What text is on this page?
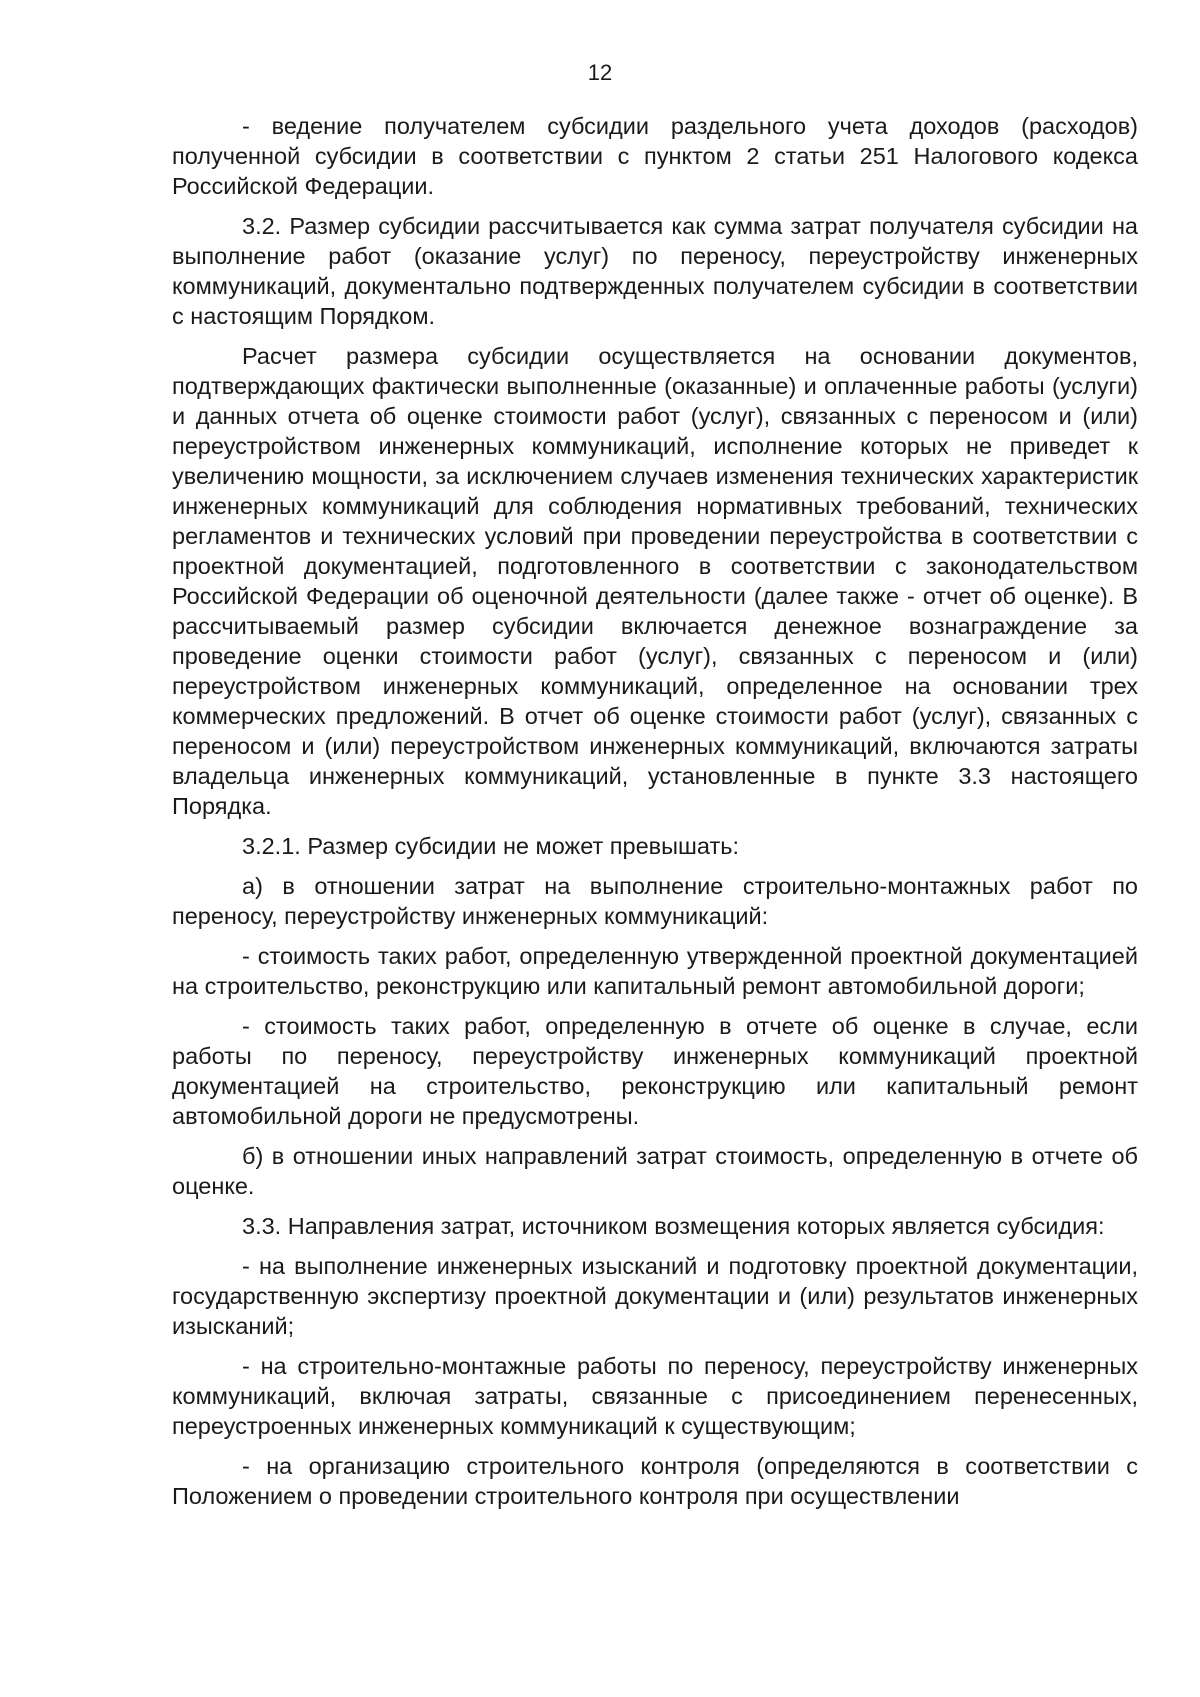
12

- ведение получателем субсидии раздельного учета доходов (расходов) полученной субсидии в соответствии с пунктом 2 статьи 251 Налогового кодекса Российской Федерации.

3.2. Размер субсидии рассчитывается как сумма затрат получателя субсидии на выполнение работ (оказание услуг) по переносу, переустройству инженерных коммуникаций, документально подтвержденных получателем субсидии в соответствии с настоящим Порядком.

Расчет размера субсидии осуществляется на основании документов, подтверждающих фактически выполненные (оказанные) и оплаченные работы (услуги) и данных отчета об оценке стоимости работ (услуг), связанных с переносом и (или) переустройством инженерных коммуникаций, исполнение которых не приведет к увеличению мощности, за исключением случаев изменения технических характеристик инженерных коммуникаций для соблюдения нормативных требований, технических регламентов и технических условий при проведении переустройства в соответствии с проектной документацией, подготовленного в соответствии с законодательством Российской Федерации об оценочной деятельности (далее также - отчет об оценке). В рассчитываемый размер субсидии включается денежное вознаграждение за проведение оценки стоимости работ (услуг), связанных с переносом и (или) переустройством инженерных коммуникаций, определенное на основании трех коммерческих предложений. В отчет об оценке стоимости работ (услуг), связанных с переносом и (или) переустройством инженерных коммуникаций, включаются затраты владельца инженерных коммуникаций, установленные в пункте 3.3 настоящего Порядка.

3.2.1. Размер субсидии не может превышать:

а) в отношении затрат на выполнение строительно-монтажных работ по переносу, переустройству инженерных коммуникаций:

- стоимость таких работ, определенную утвержденной проектной документацией на строительство, реконструкцию или капитальный ремонт автомобильной дороги;

- стоимость таких работ, определенную в отчете об оценке в случае, если работы по переносу, переустройству инженерных коммуникаций проектной документацией на строительство, реконструкцию или капитальный ремонт автомобильной дороги не предусмотрены.

б) в отношении иных направлений затрат стоимость, определенную в отчете об оценке.

3.3. Направления затрат, источником возмещения которых является субсидия:

- на выполнение инженерных изысканий и подготовку проектной документации, государственную экспертизу проектной документации и (или) результатов инженерных изысканий;

- на строительно-монтажные работы по переносу, переустройству инженерных коммуникаций, включая затраты, связанные с присоединением перенесенных, переустроенных инженерных коммуникаций к существующим;

- на организацию строительного контроля (определяются в соответствии с Положением о проведении строительного контроля при осуществлении
